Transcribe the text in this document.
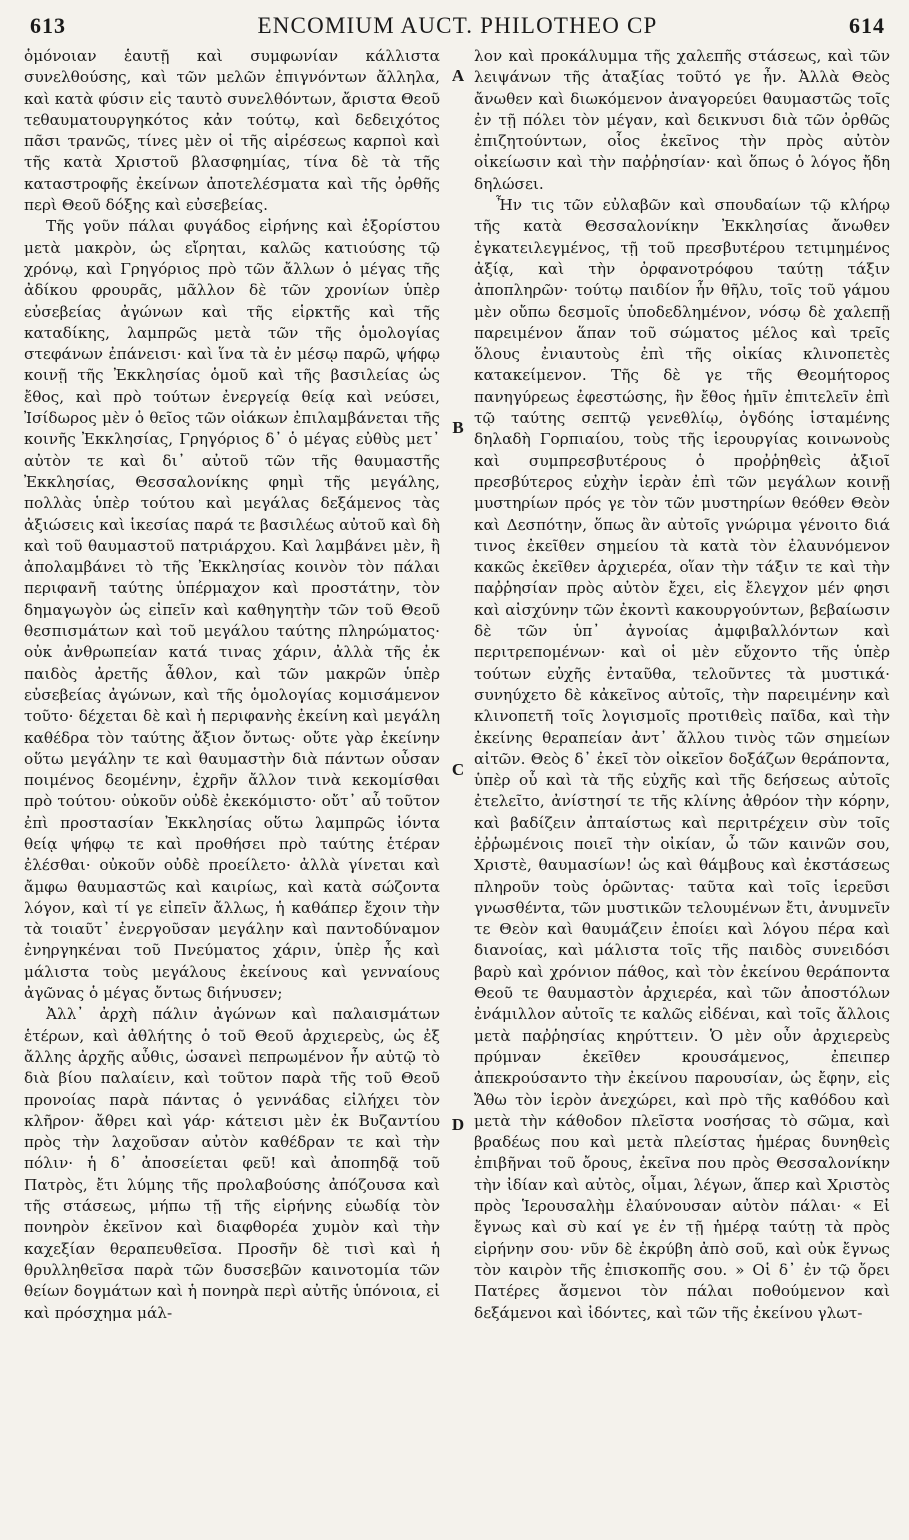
613	ENCOMIUM AUCT. PHILOTHEO CP	614

ὁμόνοιαν ἑαυτῇ καὶ συμφωνίαν κάλλιστα συνελθούσης, καὶ τῶν μελῶν ἐπιγνόντων ἄλληλα, καὶ κατὰ φύσιν εἰς ταυτὸ συνελθόντων, ἄριστα Θεοῦ τεθαυματουργηκότος κἀν τούτῳ, καὶ δεδειχότος πᾶσι τρανῶς, τίνες μὲν οἱ τῆς αἱρέσεως καρποὶ καὶ τῆς κατὰ Χριστοῦ βλασφημίας, τίνα δὲ τὰ τῆς καταστροφῆς ἐκείνων ἀποτελέσματα καὶ τῆς ὀρθῆς περὶ Θεοῦ δόξης καὶ εὐσεβείας.

Τῆς γοῦν πάλαι φυγάδος εἰρήνης καὶ ἐξορίστου μετὰ μακρὸν, ὡς εἴρηται, καλῶς κατιούσης τῷ χρόνῳ, καὶ Γρηγόριος πρὸ τῶν ἄλλων ὁ μέγας τῆς ἀδίκου φρουρᾶς, μᾶλλον δὲ τῶν χρονίων ὑπὲρ εὐσεβείας ἀγώνων καὶ τῆς εἱρκτῆς καὶ τῆς καταδίκης, λαμπρῶς μετὰ τῶν τῆς ὁμολογίας στεφάνων ἐπάνεισι· καὶ ἵνα τὰ ἐν μέσῳ παρῶ, ψήφῳ κοινῇ τῆς Ἐκκλησίας ὁμοῦ καὶ τῆς βασιλείας ὡς ἔθος, καὶ πρὸ τούτων ἐνεργείᾳ θείᾳ καὶ νεύσει, Ἰσίδωρος μὲν ὁ θεῖος τῶν οἰάκων ἐπιλαμβάνεται τῆς κοινῆς Ἐκκλησίας, Γρηγόριος δ᾽ ὁ μέγας εὐθὺς μετ᾽ αὐτὸν τε καὶ δι᾽ αὐτοῦ τῶν τῆς θαυμαστῆς Ἐκκλησίας, Θεσσαλονίκης φημὶ τῆς μεγάλης, πολλὰς ὑπὲρ τούτου καὶ μεγάλας δεξάμενος τὰς ἀξιώσεις καὶ ἱκεσίας παρά τε βασιλέως αὐτοῦ καὶ δὴ καὶ τοῦ θαυμαστοῦ πατριάρχου. Καὶ λαμβάνει μὲν, ἢ ἀπολαμβάνει τὸ τῆς Ἐκκλησίας κοινὸν τὸν πάλαι περιφανῆ ταύτης ὑπέρμαχον καὶ προστάτην, τὸν δημαγωγὸν ὡς εἰπεῖν καὶ καθηγητὴν τῶν τοῦ Θεοῦ θεσπισμάτων καὶ τοῦ μεγάλου ταύτης πληρώματος· οὐκ ἀνθρωπείαν κατά τινας χάριν, ἀλλὰ τῆς ἐκ παιδὸς ἀρετῆς ἆθλον, καὶ τῶν μακρῶν ὑπὲρ εὐσεβείας ἀγώνων, καὶ τῆς ὁμολογίας κομισάμενον τοῦτο· δέχεται δὲ καὶ ἡ περιφανὴς ἐκείνη καὶ μεγάλη καθέδρα τὸν ταύτης ἄξιον ὄντως· οὔτε γὰρ ἐκείνην οὕτω μεγάλην τε καὶ θαυμαστὴν διὰ πάντων οὖσαν ποιμένος δεομένην, ἐχρῆν ἄλλον τινὰ κεκομίσθαι πρὸ τούτου· οὐκοῦν οὐδὲ ἐκεκόμιστο· οὔτ᾽ αὖ τοῦτον ἐπὶ προστασίαν Ἐκκλησίας οὕτω λαμπρῶς ἰόντα θείᾳ ψήφῳ τε καὶ προθήσει πρὸ ταύτης ἑτέραν ἐλέσθαι· οὐκοῦν οὐδὲ προείλετο· ἀλλὰ γίνεται καὶ ἄμφω θαυμαστῶς καὶ καιρίως, καὶ κατὰ σώζοντα λόγον, καὶ τί γε εἰπεῖν ἄλλως, ἡ καθάπερ ἔχοιν τὴν τὰ τοιαῦτ᾽ ἐνεργοῦσαν μεγάλην καὶ παντοδύναμον ἐνηργηκέναι τοῦ Πνεύματος χάριν, ὑπὲρ ἧς καὶ μάλιστα τοὺς μεγάλους ἐκείνους καὶ γενναίους ἀγῶνας ὁ μέγας ὄντως διήνυσεν;

Ἀλλ᾽ ἀρχὴ πάλιν ἀγώνων καὶ παλαισμάτων ἑτέρων, καὶ ἀθλήτης ὁ τοῦ Θεοῦ ἀρχιερεὺς, ὡς ἐξ ἄλλης ἀρχῆς αὖθις, ὡσανεὶ πεπρωμένον ἦν αὐτῷ τὸ διὰ βίου παλαίειν, καὶ τοῦτον παρὰ τῆς τοῦ Θεοῦ προνοίας παρὰ πάντας ὁ γεννάδας εἰλήχει τὸν κλῆρον· ἄθρει καὶ γάρ· κάτεισι μὲν ἐκ Βυζαντίου πρὸς τὴν λαχοῦσαν αὐτὸν καθέδραν τε καὶ τὴν πόλιν· ἡ δ᾽ ἀποσείεται φεῦ! καὶ ἀποπηδᾷ τοῦ Πατρὸς, ἔτι λύμης τῆς προλαβούσης ἀπόζουσα καὶ τῆς στάσεως, μήπω τῇ τῆς εἰρήνης εὐωδίᾳ τὸν πονηρὸν ἐκεῖνον καὶ διαφθορέα χυμὸν καὶ τὴν καχεξίαν θεραπευθεῖσα. Προσῆν δὲ τισὶ καὶ ἡ θρυλληθεῖσα παρὰ τῶν δυσσεβῶν καινοτομία τῶν θείων δογμάτων καὶ ἡ πονηρὰ περὶ αὐτῆς ὑπόνοια, εἰ καὶ πρόσχημα μάλ-

A
B
C
D

λον καὶ προκάλυμμα τῆς χαλεπῆς στάσεως, καὶ τῶν λειψάνων τῆς ἀταξίας τοῦτό γε ἦν. Ἀλλὰ Θεὸς ἄνωθεν καὶ διωκόμενον ἀναγορεύει θαυμαστῶς τοῖς ἐν τῇ πόλει τὸν μέγαν, καὶ δεικνυσι διὰ τῶν ὀρθῶς ἐπιζητούντων, οἷος ἐκεῖνος τὴν πρὸς αὐτὸν οἰκείωσιν καὶ τὴν παῤῥησίαν· καὶ ὅπως ὁ λόγος ἤδη δηλώσει.

Ἦν τις τῶν εὐλαβῶν καὶ σπουδαίων τῷ κλήρῳ τῆς κατὰ Θεσσαλονίκην Ἐκκλησίας ἄνωθεν ἐγκατειλεγμένος, τῇ τοῦ πρεσβυτέρου τετιμημένος ἀξίᾳ, καὶ τὴν ὀρφανοτρόφου ταύτῃ τάξιν ἀποπληρῶν· τούτῳ παιδίον ἦν θῆλυ, τοῖς τοῦ γάμου μὲν οὔπω δεσμοῖς ὑποδεδλημένον, νόσῳ δὲ χαλεπῇ παρειμένον ἅπαν τοῦ σώματος μέλος καὶ τρεῖς ὅλους ἐνιαυτοὺς ἐπὶ τῆς οἰκίας κλινοπετὲς κατακείμενον. Τῆς δὲ γε τῆς Θεομήτορος πανηγύρεως ἐφεστώσης, ἣν ἔθος ἡμῖν ἐπιτελεῖν ἐπὶ τῷ ταύτης σεπτῷ γενεθλίῳ, ὀγδόης ἱσταμένης δηλαδὴ Γορπιαίου, τοὺς τῆς ἱερουργίας κοινωνοὺς καὶ συμπρεσβυτέρους ὁ προῤῥηθεὶς ἀξιοῖ πρεσβύτερος εὐχὴν ἱερὰν ἐπὶ τῶν μεγάλων κοινῇ μυστηρίων πρός γε τὸν τῶν μυστηρίων θεόθεν Θεὸν καὶ Δεσπότην, ὅπως ἂν αὐτοῖς γνώριμα γένοιτο διά τινος ἐκεῖθεν σημείου τὰ κατὰ τὸν ἐλαυνόμενον κακῶς ἐκεῖθεν ἀρχιερέα, οἵαν τὴν τάξιν τε καὶ τὴν παῤῥησίαν πρὸς αὐτὸν ἔχει, εἰς ἔλεγχον μέν φησι καὶ αἰσχύνην τῶν ἐκοντὶ κακουργούντων, βεβαίωσιν δὲ τῶν ὑπ᾽ ἀγνοίας ἀμφιβαλλόντων καὶ περιτρεπομένων· καὶ οἱ μὲν εὔχοντο τῆς ὑπὲρ τούτων εὐχῆς ἐνταῦθα, τελοῦντες τὰ μυστικά· συνηύχετο δὲ κἀκεῖνος αὐτοῖς, τὴν παρειμένην καὶ κλινοπετῆ τοῖς λογισμοῖς προτιθεὶς παῖδα, καὶ τὴν ἐκείνης θεραπείαν ἀντ᾽ ἄλλου τινὸς τῶν σημείων αἰτῶν. Θεὸς δ᾽ ἐκεῖ τὸν οἰκεῖον δοξάζων θεράποντα, ὑπὲρ οὗ καὶ τὰ τῆς εὐχῆς καὶ τῆς δεήσεως αὐτοῖς ἐτελεῖτο, ἀνίστησί τε τῆς κλίνης ἀθρόον τὴν κόρην, καὶ βαδίζειν ἀπταίστως καὶ περιτρέχειν σὺν τοῖς ἐῤῥωμένοις ποιεῖ τὴν οἰκίαν, ὦ τῶν καινῶν σου, Χριστὲ, θαυμασίων! ὡς καὶ θάμβους καὶ ἐκστάσεως πληροῦν τοὺς ὁρῶντας· ταῦτα καὶ τοῖς ἱερεῦσι γνωσθέντα, τῶν μυστικῶν τελουμένων ἔτι, ἀνυμνεῖν τε Θεὸν καὶ θαυμάζειν ἐποίει καὶ λόγου πέρα καὶ διανοίας, καὶ μάλιστα τοῖς τῆς παιδὸς συνειδόσι βαρὺ καὶ χρόνιον πάθος, καὶ τὸν ἐκείνου θεράποντα Θεοῦ τε θαυμαστὸν ἀρχιερέα, καὶ τῶν ἀποστόλων ἐνάμιλλον αὐτοῖς τε καλῶς εἰδέναι, καὶ τοῖς ἄλλοις μετὰ παῤῥησίας κηρύττειν. Ὁ μὲν οὖν ἀρχιερεὺς πρύμναν ἐκεῖθεν κρουσάμενος, ἐπειπερ ἀπεκρούσαντο τὴν ἐκείνου παρουσίαν, ὡς ἔφην, εἰς Ἄθω τὸν ἱερὸν ἀνεχώρει, καὶ πρὸ τῆς καθόδου καὶ μετὰ τὴν κάθοδον πλεῖστα νοσήσας τὸ σῶμα, καὶ βραδέως που καὶ μετὰ πλείστας ἡμέρας δυνηθεὶς ἐπιβῆναι τοῦ ὄρους, ἐκεῖνα που πρὸς Θεσσαλονίκην τὴν ἰδίαν καὶ αὐτὸς, οἶμαι, λέγων, ἅπερ καὶ Χριστὸς πρὸς Ἱερουσαλὴμ ἐλαύνουσαν αὐτὸν πάλαι· « Εἰ ἔγνως καὶ σὺ καί γε ἐν τῇ ἡμέρᾳ ταύτῃ τὰ πρὸς εἰρήνην σου· νῦν δὲ ἐκρύβη ἀπὸ σοῦ, καὶ οὐκ ἔγνως τὸν καιρὸν τῆς ἐπισκοπῆς σου. » Οἱ δ᾽ ἐν τῷ ὄρει Πατέρες ἄσμενοι τὸν πάλαι ποθούμενον καὶ δεξάμενοι καὶ ἰδόντες, καὶ τῶν τῆς ἐκείνου γλωτ-
